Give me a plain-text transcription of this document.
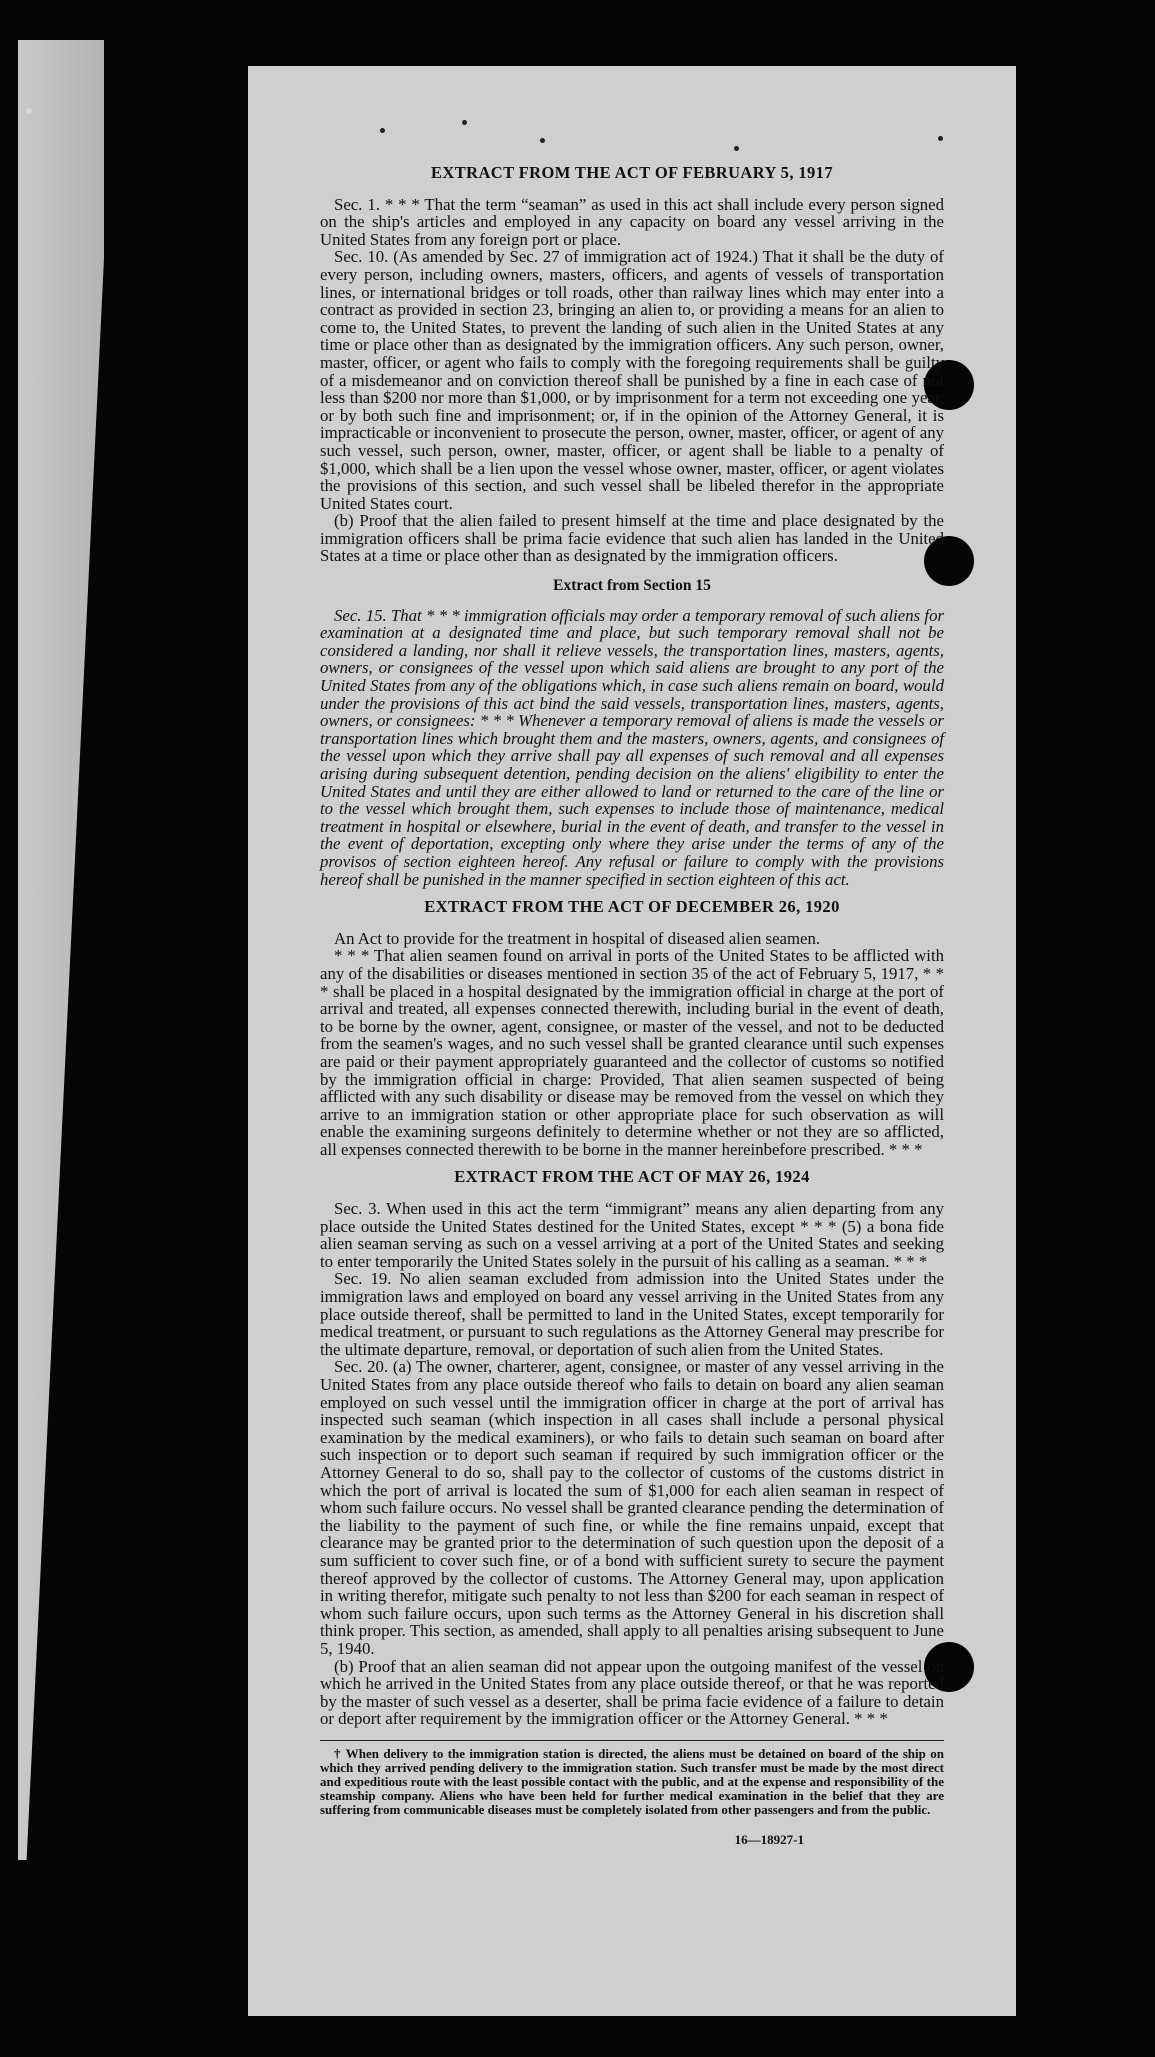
EXTRACT FROM THE ACT OF FEBRUARY 5, 1917

Sec. 1. * * * That the term “seaman” as used in this act shall include every person signed on the ship's articles and employed in any capacity on board any vessel arriving in the United States from any foreign port or place.

Sec. 10. (As amended by Sec. 27 of immigration act of 1924.) That it shall be the duty of every person, including owners, masters, officers, and agents of vessels of transportation lines, or international bridges or toll roads, other than railway lines which may enter into a contract as provided in section 23, bringing an alien to, or providing a means for an alien to come to, the United States, to prevent the landing of such alien in the United States at any time or place other than as designated by the immigration officers. Any such person, owner, master, officer, or agent who fails to comply with the foregoing requirements shall be guilty of a misdemeanor and on conviction thereof shall be punished by a fine in each case of not less than $200 nor more than $1,000, or by imprisonment for a term not exceeding one year, or by both such fine and imprisonment; or, if in the opinion of the Attorney General, it is impracticable or inconvenient to prosecute the person, owner, master, officer, or agent of any such vessel, such person, owner, master, officer, or agent shall be liable to a penalty of $1,000, which shall be a lien upon the vessel whose owner, master, officer, or agent violates the provisions of this section, and such vessel shall be libeled therefor in the appropriate United States court.

(b) Proof that the alien failed to present himself at the time and place designated by the immigration officers shall be prima facie evidence that such alien has landed in the United States at a time or place other than as designated by the immigration officers.

Extract from Section 15

Sec. 15. That * * * immigration officials may order a temporary removal of such aliens for examination at a designated time and place, but such temporary removal shall not be considered a landing, nor shall it relieve vessels, the transportation lines, masters, agents, owners, or consignees of the vessel upon which said aliens are brought to any port of the United States from any of the obligations which, in case such aliens remain on board, would under the provisions of this act bind the said vessels, transportation lines, masters, agents, owners, or consignees: * * * Whenever a temporary removal of aliens is made the vessels or transportation lines which brought them and the masters, owners, agents, and consignees of the vessel upon which they arrive shall pay all expenses of such removal and all expenses arising during subsequent detention, pending decision on the aliens' eligibility to enter the United States and until they are either allowed to land or returned to the care of the line or to the vessel which brought them, such expenses to include those of maintenance, medical treatment in hospital or elsewhere, burial in the event of death, and transfer to the vessel in the event of deportation, excepting only where they arise under the terms of any of the provisos of section eighteen hereof. Any refusal or failure to comply with the provisions hereof shall be punished in the manner specified in section eighteen of this act.

EXTRACT FROM THE ACT OF DECEMBER 26, 1920

An Act to provide for the treatment in hospital of diseased alien seamen.

* * * That alien seamen found on arrival in ports of the United States to be afflicted with any of the disabilities or diseases mentioned in section 35 of the act of February 5, 1917, * * * shall be placed in a hospital designated by the immigration official in charge at the port of arrival and treated, all expenses connected therewith, including burial in the event of death, to be borne by the owner, agent, consignee, or master of the vessel, and not to be deducted from the seamen's wages, and no such vessel shall be granted clearance until such expenses are paid or their payment appropriately guaranteed and the collector of customs so notified by the immigration official in charge: Provided, That alien seamen suspected of being afflicted with any such disability or disease may be removed from the vessel on which they arrive to an immigration station or other appropriate place for such observation as will enable the examining surgeons definitely to determine whether or not they are so afflicted, all expenses connected therewith to be borne in the manner hereinbefore prescribed. * * *

EXTRACT FROM THE ACT OF MAY 26, 1924

Sec. 3. When used in this act the term “immigrant” means any alien departing from any place outside the United States destined for the United States, except * * * (5) a bona fide alien seaman serving as such on a vessel arriving at a port of the United States and seeking to enter temporarily the United States solely in the pursuit of his calling as a seaman. * * *

Sec. 19. No alien seaman excluded from admission into the United States under the immigration laws and employed on board any vessel arriving in the United States from any place outside thereof, shall be permitted to land in the United States, except temporarily for medical treatment, or pursuant to such regulations as the Attorney General may prescribe for the ultimate departure, removal, or deportation of such alien from the United States.

Sec. 20. (a) The owner, charterer, agent, consignee, or master of any vessel arriving in the United States from any place outside thereof who fails to detain on board any alien seaman employed on such vessel until the immigration officer in charge at the port of arrival has inspected such seaman (which inspection in all cases shall include a personal physical examination by the medical examiners), or who fails to detain such seaman on board after such inspection or to deport such seaman if required by such immigration officer or the Attorney General to do so, shall pay to the collector of customs of the customs district in which the port of arrival is located the sum of $1,000 for each alien seaman in respect of whom such failure occurs. No vessel shall be granted clearance pending the determination of the liability to the payment of such fine, or while the fine remains unpaid, except that clearance may be granted prior to the determination of such question upon the deposit of a sum sufficient to cover such fine, or of a bond with sufficient surety to secure the payment thereof approved by the collector of customs. The Attorney General may, upon application in writing therefor, mitigate such penalty to not less than $200 for each seaman in respect of whom such failure occurs, upon such terms as the Attorney General in his discretion shall think proper. This section, as amended, shall apply to all penalties arising subsequent to June 5, 1940.

(b) Proof that an alien seaman did not appear upon the outgoing manifest of the vessel on which he arrived in the United States from any place outside thereof, or that he was reported by the master of such vessel as a deserter, shall be prima facie evidence of a failure to detain or deport after requirement by the immigration officer or the Attorney General. * * *

† When delivery to the immigration station is directed, the aliens must be detained on board of the ship on which they arrived pending delivery to the immigration station. Such transfer must be made by the most direct and expeditious route with the least possible contact with the public, and at the expense and responsibility of the steamship company. Aliens who have been held for further medical examination in the belief that they are suffering from communicable diseases must be completely isolated from other passengers and from the public.

16—18927-1
